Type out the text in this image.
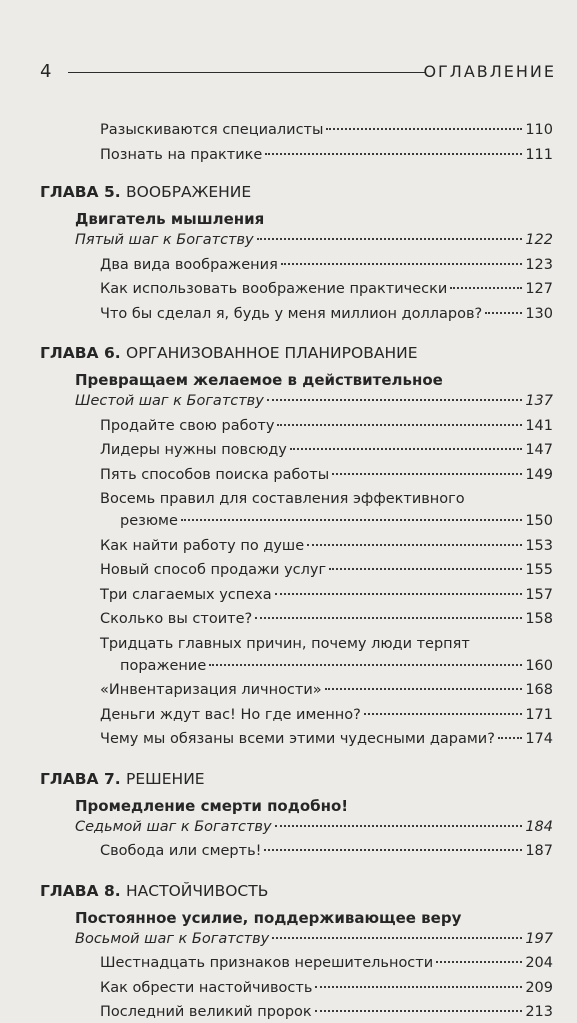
4	ОГЛАВЛЕНИЕ
Разыскиваются специалисты	110
Познать на практике	111
ГЛАВА 5. ВООБРАЖЕНИЕ
Двигатель мышления
Пятый шаг к Богатству	122
Два вида воображения	123
Как использовать воображение практически	127
Что бы сделал я, будь у меня миллион долларов?	130
ГЛАВА 6. ОРГАНИЗОВАННОЕ ПЛАНИРОВАНИЕ
Превращаем желаемое в действительное
Шестой шаг к Богатству	137
Продайте свою работу	141
Лидеры нужны повсюду	147
Пять способов поиска работы	149
Восемь правил для составления эффективного
резюме	150
Как найти работу по душе	153
Новый способ продажи услуг	155
Три слагаемых успеха	157
Сколько вы стоите?	158
Тридцать главных причин, почему люди терпят
поражение	160
«Инвентаризация личности»	168
Деньги ждут вас! Но где именно?	171
Чему мы обязаны всеми этими чудесными дарами? 174
ГЛАВА 7. РЕШЕНИЕ
Промедление смерти подобно!
Седьмой шаг к Богатству	184
Свобода или смерть!	187
ГЛАВА 8. НАСТОЙЧИВОСТЬ
Постоянное усилие, поддерживающее веру
Восьмой шаг к Богатству	197
Шестнадцать признаков нерешительности	204
Как обрести настойчивость	209
Последний великий пророк	213
